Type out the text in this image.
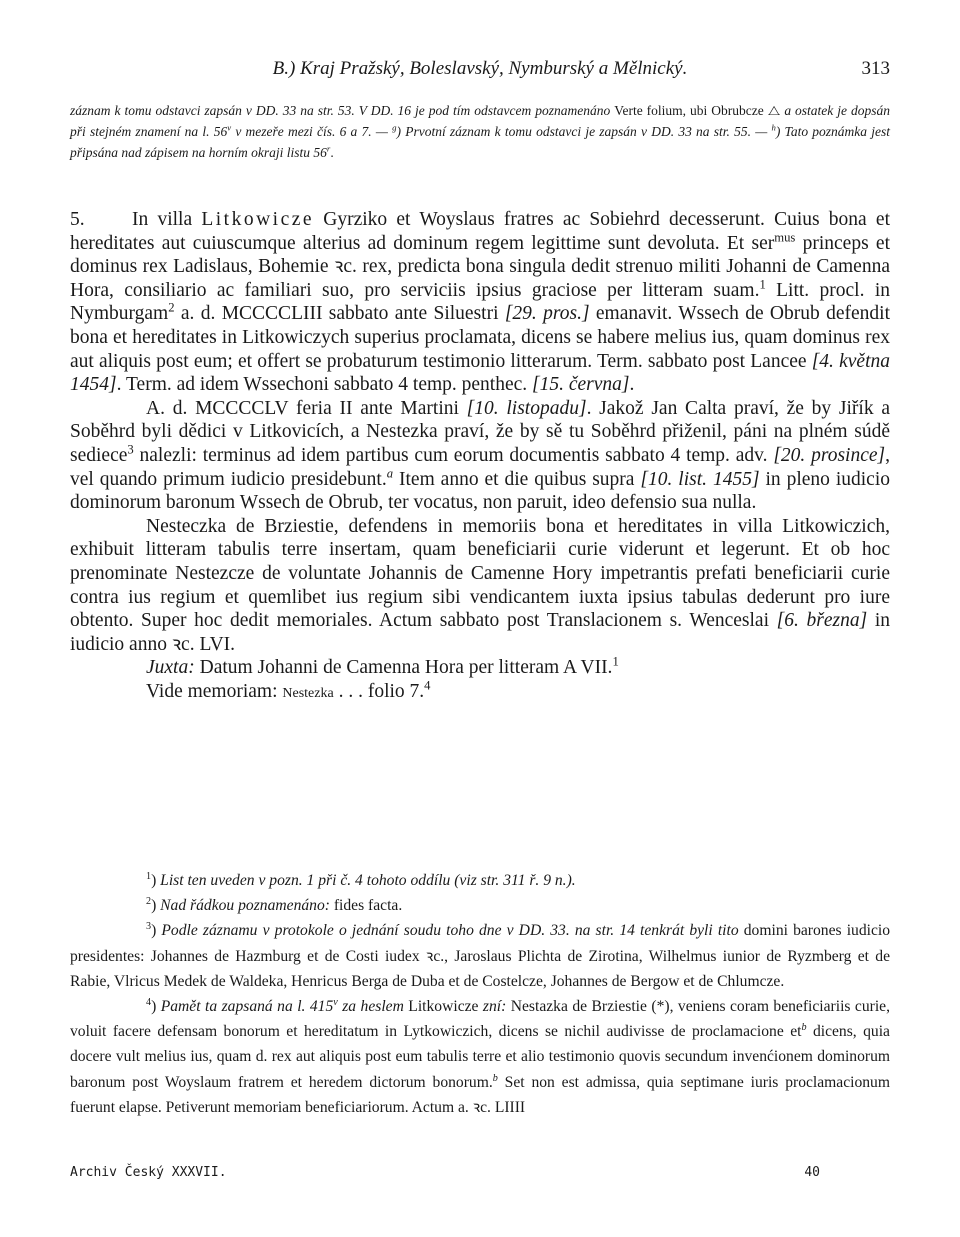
B.) Kraj Pražský, Boleslavský, Nymburský a Mělnický.	313

záznam k tomu odstavci zapsán v DD. 33 na str. 53. V DD. 16 je pod tím odstavcem poznamenáno Verte folium, ubi Obrubcze ⧍ a ostatek je dopsán při stejném znamení na l. 56$^v$ v mezeře mezi čís. 6 a 7. — $^g$) Prvotní záznam k tomu odstavci je zapsán v DD. 33 na str. 55. — $^h$) Tato poznámka jest připsána nad zápisem na horním okraji listu 56$^r$.

5. In villa Litkowicze Gyrziko et Woyslaus fratres ac Sobiehrd decesserunt. Cuius bona et hereditates aut cuiuscumque alterius ad dominum regem legittime sunt devoluta. Et ser$^{mus}$ princeps et dominus rex Ladislaus, Bohemie ꝛc. rex, predicta bona singula dedit strenuo militi Johanni de Camenna Hora, consiliario ac familiari suo, pro serviciis ipsius graciose per litteram suam.$^1$ Litt. procl. in Nymburgam$^2$ a. d. MCCCCLIII sabbato ante Siluestri [29. pros.] emanavit. Wssech de Obrub defendit bona et hereditates in Litkowiczych superius proclamata, dicens se habere melius ius, quam dominus rex aut aliquis post eum; et offert se probaturum testimonio litterarum. Term. sabbato post Lancee [4. května 1454]. Term. ad idem Wssechoni sabbato 4 temp. penthec. [15. června].

A. d. MCCCCLV feria II ante Martini [10. listopadu]. Jakož Jan Calta praví, že by Jiřík a Soběhrd byli dědici v Litkovicích, a Nestezka praví, že by sě tu Soběhrd přiženil, páni na plném súdě sediece$^3$ nalezli: terminus ad idem partibus cum eorum documentis sabbato 4 temp. adv. [20. prosince], vel quando primum iudicio presidebunt.$^a$ Item anno et die quibus supra [10. list. 1455] in pleno iudicio dominorum baronum Wssech de Obrub, ter vocatus, non paruit, ideo defensio sua nulla.

Nesteczka de Brziestie, defendens in memoriis bona et hereditates in villa Litkowiczich, exhibuit litteram tabulis terre insertam, quam beneficiarii curie viderunt et legerunt. Et ob hoc prenominate Nestezcze de voluntate Johannis de Camenne Hory impetrantis prefati beneficiarii curie contra ius regium et quemlibet ius regium sibi vendicantem iuxta ipsius tabulas dederunt pro iure obtento. Super hoc dedit memoriales. Actum sabbato post Translacionem s. Wenceslai [6. března] in iudicio anno ꝛc. LVI.

Juxta: Datum Johanni de Camenna Hora per litteram A VII.$^1$

Vide memoriam: Nestezka . . . folio 7.$^4$

$^1$) List ten uveden v pozn. 1 při č. 4 tohoto oddílu (viz str. 311 ř. 9 n.).

$^2$) Nad řádkou poznamenáno: fides facta.

$^3$) Podle záznamu v protokole o jednání soudu toho dne v DD. 33. na str. 14 tenkrát byli tito domini barones iudicio presidentes: Johannes de Hazmburg et de Costi iudex ꝛc., Jaroslaus Plichta de Zirotina, Wilhelmus iunior de Ryzmberg et de Rabie, Vlricus Medek de Waldeka, Henricus Berga de Duba et de Costelcze, Johannes de Bergow et de Chlumcze.

$^4$) Pamět ta zapsaná na l. 415$^v$ za heslem Litkowicze zní: Nestazka de Brziestie (*), veniens coram beneficiariis curie, voluit facere defensam bonorum et hereditatum in Lytkowiczich, dicens se nichil audivisse de proclamacione $et^b$ dicens, quia docere vult melius ius, quam d. rex aut aliquis post eum tabulis terre et alio testimonio quovis secundum invenćionem dominorum baronum post Woyslaum fratrem et heredem dictorum bonorum.$^b$ Set non est admissa, quia septimane iuris proclamacionum fuerunt elapse. Petiverunt memoriam beneficiariorum. Actum a. ꝛc. LIIII

Archiv Český XXXVII.	40
